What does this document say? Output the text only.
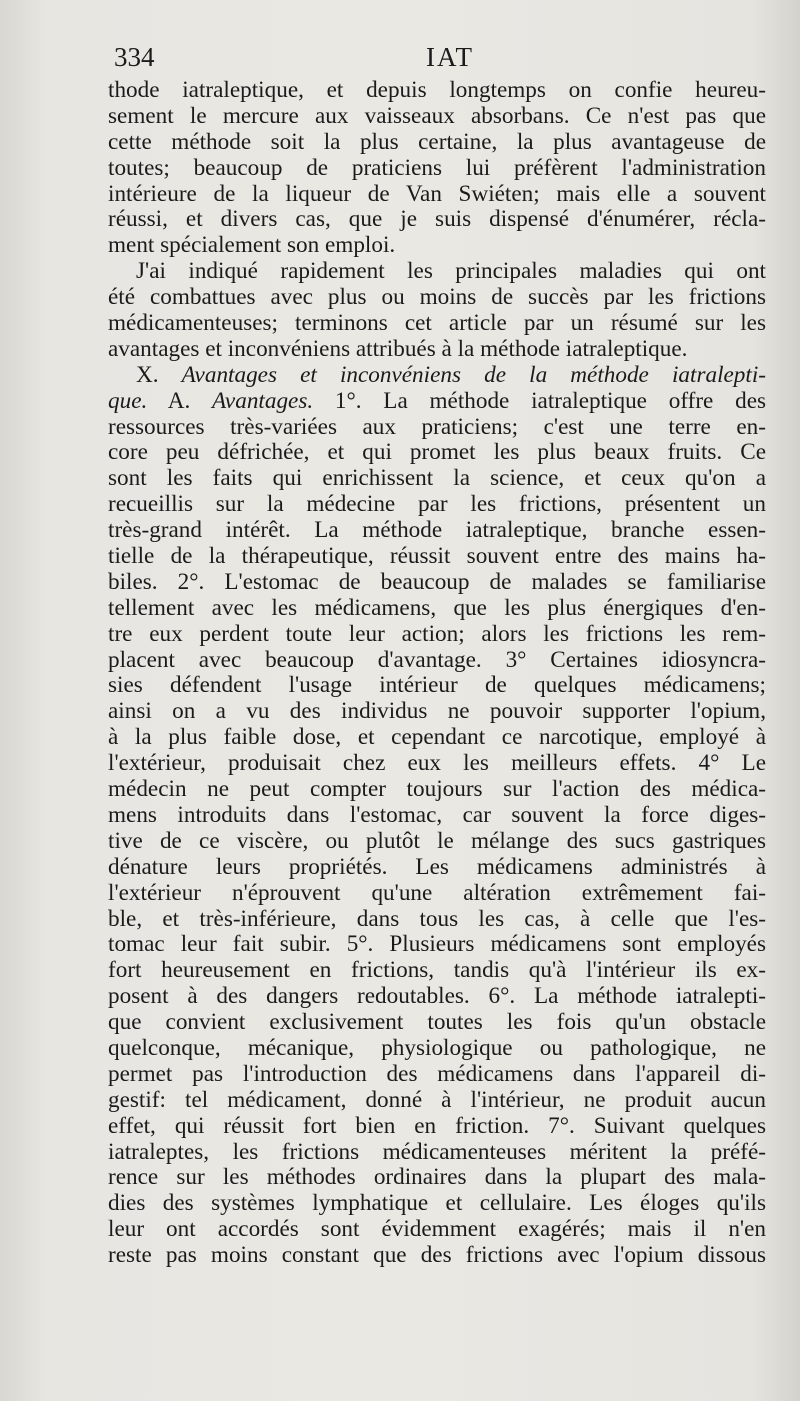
334	IAT
thode iatraleptique, et depuis longtemps on confie heureu-
sement le mercure aux vaisseaux absorbans. Ce n'est pas que
cette méthode soit la plus certaine, la plus avantageuse de
toutes; beaucoup de praticiens lui préfèrent l'administration
intérieure de la liqueur de Van Swiéten; mais elle a souvent
réussi, et divers cas, que je suis dispensé d'énumérer, récla-
ment spécialement son emploi.
J'ai indiqué rapidement les principales maladies qui ont
été combattues avec plus ou moins de succès par les frictions
médicamenteuses; terminons cet article par un résumé sur les
avantages et inconvéniens attribués à la méthode iatraleptique.
X. Avantages et inconvéniens de la méthode iatralepti-
que. A. Avantages. 1°. La méthode iatraleptique offre des
ressources très-variées aux praticiens; c'est une terre en-
core peu défrichée, et qui promet les plus beaux fruits. Ce
sont les faits qui enrichissent la science, et ceux qu'on a
recueillis sur la médecine par les frictions, présentent un
très-grand intérêt. La méthode iatraleptique, branche essen-
tielle de la thérapeutique, réussit souvent entre des mains ha-
biles. 2°. L'estomac de beaucoup de malades se familiarise
tellement avec les médicamens, que les plus énergiques d'en-
tre eux perdent toute leur action; alors les frictions les rem-
placent avec beaucoup d'avantage. 3° Certaines idiosyncra-
sies défendent l'usage intérieur de quelques médicamens;
ainsi on a vu des individus ne pouvoir supporter l'opium,
à la plus faible dose, et cependant ce narcotique, employé à
l'extérieur, produisait chez eux les meilleurs effets. 4° Le
médecin ne peut compter toujours sur l'action des médica-
mens introduits dans l'estomac, car souvent la force diges-
tive de ce viscère, ou plutôt le mélange des sucs gastriques
dénature leurs propriétés. Les médicamens administrés à
l'extérieur n'éprouvent qu'une altération extrêmement fai-
ble, et très-inférieure, dans tous les cas, à celle que l'es-
tomac leur fait subir. 5°. Plusieurs médicamens sont employés
fort heureusement en frictions, tandis qu'à l'intérieur ils ex-
posent à des dangers redoutables. 6°. La méthode iatralepti-
que convient exclusivement toutes les fois qu'un obstacle
quelconque, mécanique, physiologique ou pathologique, ne
permet pas l'introduction des médicamens dans l'appareil di-
gestif: tel médicament, donné à l'intérieur, ne produit aucun
effet, qui réussit fort bien en friction. 7°. Suivant quelques
iatraleptes, les frictions médicamenteuses méritent la préfé-
rence sur les méthodes ordinaires dans la plupart des mala-
dies des systèmes lymphatique et cellulaire. Les éloges qu'ils
leur ont accordés sont évidemment exagérés; mais il n'en
reste pas moins constant que des frictions avec l'opium dissous
